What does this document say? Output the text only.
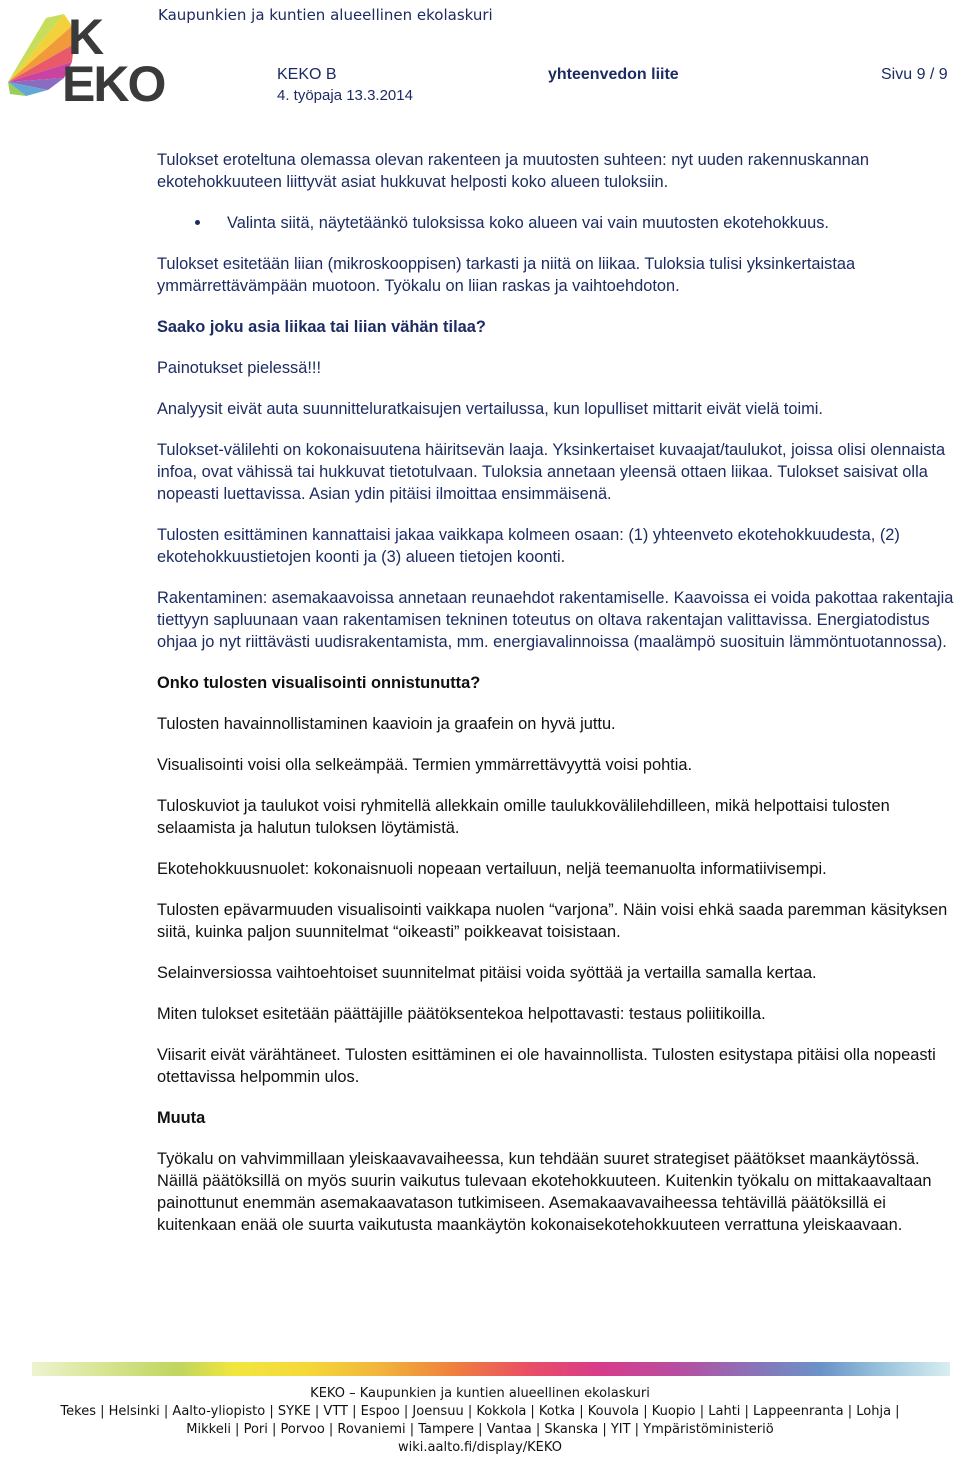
K
EKO
Kaupunkien ja kuntien alueellinen ekolaskuri
KEKO B	yhteenvedon liite	Sivu 9 / 9
4. työpaja 13.3.2014

Tulokset eroteltuna olemassa olevan rakenteen ja muutosten suhteen: nyt uuden rakennuskannan ekotehokkuuteen liittyvät asiat hukkuvat helposti koko alueen tuloksiin.

Valinta siitä, näytetäänkö tuloksissa koko alueen vai vain muutosten ekotehokkuus.

Tulokset esitetään liian (mikroskooppisen) tarkasti ja niitä on liikaa. Tuloksia tulisi yksinkertaistaa ymmärrettävämpään muotoon. Työkalu on liian raskas ja vaihtoehdoton.

Saako joku asia liikaa tai liian vähän tilaa?

Painotukset pielessä!!!

Analyysit eivät auta suunnitteluratkaisujen vertailussa, kun lopulliset mittarit eivät vielä toimi.

Tulokset-välilehti on kokonaisuutena häiritsevän laaja. Yksinkertaiset kuvaajat/taulukot, joissa olisi olennaista infoa, ovat vähissä tai hukkuvat tietotulvaan. Tuloksia annetaan yleensä ottaen liikaa. Tulokset saisivat olla nopeasti luettavissa. Asian ydin pitäisi ilmoittaa ensimmäisenä.

Tulosten esittäminen kannattaisi jakaa vaikkapa kolmeen osaan: (1) yhteenveto ekotehokkuudesta, (2) ekotehokkuustietojen koonti ja (3) alueen tietojen koonti.

Rakentaminen: asemakaavoissa annetaan reunaehdot rakentamiselle. Kaavoissa ei voida pakottaa rakentajia tiettyyn sapluunaan vaan rakentamisen tekninen toteutus on oltava rakentajan valittavissa. Energiatodistus ohjaa jo nyt riittävästi uudisrakentamista, mm. energiavalinnoissa (maalämpö suosituin lämmöntuotannossa).

Onko tulosten visualisointi onnistunutta?

Tulosten havainnollistaminen kaavioin ja graafein on hyvä juttu.

Visualisointi voisi olla selkeämpää. Termien ymmärrettävyyttä voisi pohtia.

Tuloskuviot ja taulukot voisi ryhmitellä allekkain omille taulukkovälilehdilleen, mikä helpottaisi tulosten selaamista ja halutun tuloksen löytämistä.

Ekotehokkuusnuolet: kokonaisnuoli nopeaan vertailuun, neljä teemanuolta informatiivisempi.

Tulosten epävarmuuden visualisointi vaikkapa nuolen “varjona”. Näin voisi ehkä saada paremman käsityksen siitä, kuinka paljon suunnitelmat “oikeasti” poikkeavat toisistaan.

Selainversiossa vaihtoehtoiset suunnitelmat pitäisi voida syöttää ja vertailla samalla kertaa.

Miten tulokset esitetään päättäjille päätöksentekoa helpottavasti: testaus poliitikoilla.

Viisarit eivät värähtäneet. Tulosten esittäminen ei ole havainnollista. Tulosten esitystapa pitäisi olla nopeasti otettavissa helpommin ulos.

Muuta

Työkalu on vahvimmillaan yleiskaavavaiheessa, kun tehdään suuret strategiset päätökset maankäytössä. Näillä päätöksillä on myös suurin vaikutus tulevaan ekotehokkuuteen. Kuitenkin työkalu on mittakaavaltaan painottunut enemmän asemakaavatason tutkimiseen. Asemakaavavaiheessa tehtävillä päätöksillä ei kuitenkaan enää ole suurta vaikutusta maankäytön kokonaisekotehokkuuteen verrattuna yleiskaavaan.

KEKO – Kaupunkien ja kuntien alueellinen ekolaskuri
Tekes | Helsinki | Aalto-yliopisto | SYKE | VTT | Espoo | Joensuu | Kokkola | Kotka | Kouvola | Kuopio | Lahti | Lappeenranta | Lohja |
Mikkeli | Pori | Porvoo | Rovaniemi | Tampere | Vantaa | Skanska | YIT | Ympäristöministeriö
wiki.aalto.fi/display/KEKO
